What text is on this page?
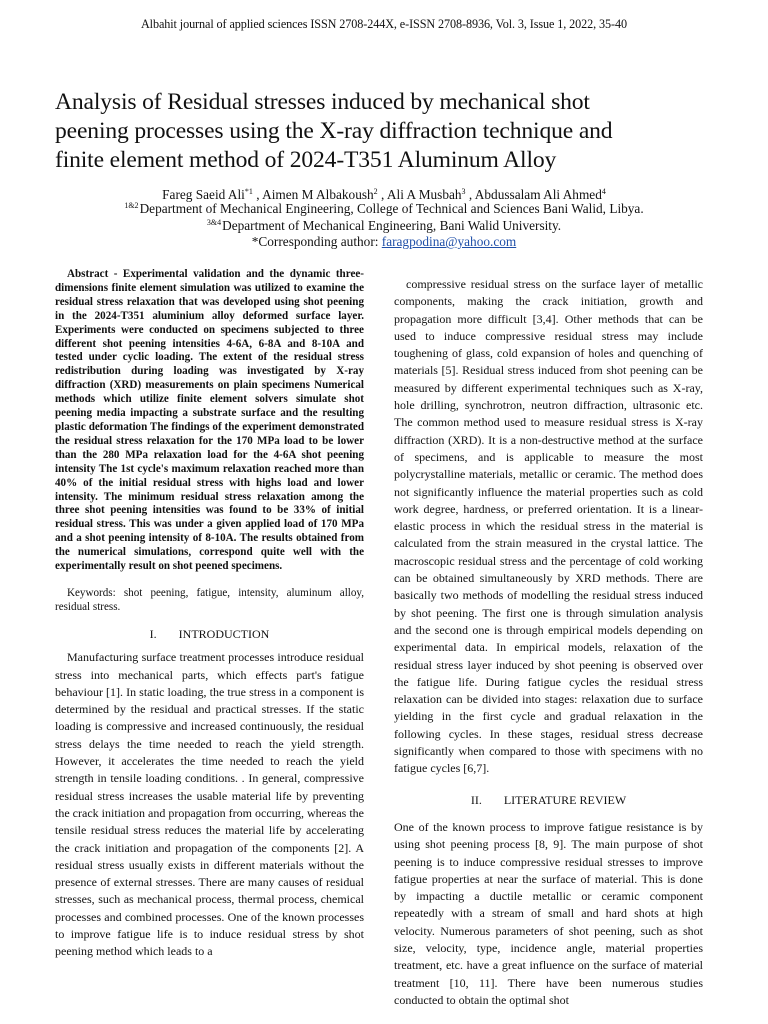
Albahit journal of applied sciences ISSN 2708-244X, e-ISSN 2708-8936, Vol. 3, Issue 1, 2022, 35-40
Analysis of Residual stresses induced by mechanical shot
peening processes using the X-ray diffraction technique and
finite element method of 2024-T351 Aluminum Alloy
Fareg Saeid Ali$^{*1}$ , Aimen M Albakoush$^2$ , Ali A Musbah$^3$ , Abdussalam Ali Ahmed$^4$
$^{1\&2}$Department of Mechanical Engineering, College of Technical and Sciences Bani Walid, Libya.
$^{3\&4}$Department of Mechanical Engineering, Bani Walid University.
*Corresponding author: faragpodina@yahoo.com

Abstract - Experimental validation and the dynamic three-dimensions finite element simulation was utilized to examine the residual stress relaxation that was developed using shot peening in the 2024-T351 aluminium alloy deformed surface layer. Experiments were conducted on specimens subjected to three different shot peening intensities 4-6A, 6-8A and 8-10A and tested under cyclic loading. The extent of the residual stress redistribution during loading was investigated by X-ray diffraction (XRD) measurements on plain specimens Numerical methods which utilize finite element solvers simulate shot peening media impacting a substrate surface and the resulting plastic deformation The findings of the experiment demonstrated the residual stress relaxation for the 170 MPa load to be lower than the 280 MPa relaxation load for the 4-6A shot peening intensity The 1st cycle's maximum relaxation reached more than 40% of the initial residual stress with highs load and lower intensity. The minimum residual stress relaxation among the three shot peening intensities was found to be 33% of initial residual stress. This was under a given applied load of 170 MPa and a shot peening intensity of 8-10A. The results obtained from the numerical simulations, correspond quite well with the experimentally result on shot peened specimens.

Keywords: shot peening, fatigue, intensity, aluminum alloy, residual stress.

I. INTRODUCTION

Manufacturing surface treatment processes introduce residual stress into mechanical parts, which effects part's fatigue behaviour [1]. In static loading, the true stress in a component is determined by the residual and practical stresses. If the static loading is compressive and increased continuously, the residual stress delays the time needed to reach the yield strength. However, it accelerates the time needed to reach the yield strength in tensile loading conditions. . In general, compressive residual stress increases the usable material life by preventing the crack initiation and propagation from occurring, whereas the tensile residual stress reduces the material life by accelerating the crack initiation and propagation of the components [2]. A residual stress usually exists in different materials without the presence of external stresses. There are many causes of residual stresses, such as mechanical process, thermal process, chemical processes and combined processes. One of the known processes to improve fatigue life is to induce residual stress by shot peening method which leads to a

compressive residual stress on the surface layer of metallic components, making the crack initiation, growth and propagation more difficult [3,4]. Other methods that can be used to induce compressive residual stress may include toughening of glass, cold expansion of holes and quenching of materials [5]. Residual stress induced from shot peening can be measured by different experimental techniques such as X-ray, hole drilling, synchrotron, neutron diffraction, ultrasonic etc. The common method used to measure residual stress is X-ray diffraction (XRD). It is a non-destructive method at the surface of specimens, and is applicable to measure the most polycrystalline materials, metallic or ceramic. The method does not significantly influence the material properties such as cold work degree, hardness, or preferred orientation. It is a linear-elastic process in which the residual stress in the material is calculated from the strain measured in the crystal lattice. The macroscopic residual stress and the percentage of cold working can be obtained simultaneously by XRD methods. There are basically two methods of modelling the residual stress induced by shot peening. The first one is through simulation analysis and the second one is through empirical models depending on experimental data. In empirical models, relaxation of the residual stress layer induced by shot peening is observed over the fatigue life. During fatigue cycles the residual stress relaxation can be divided into stages: relaxation due to surface yielding in the first cycle and gradual relaxation in the following cycles. In these stages, residual stress decrease significantly when compared to those with specimens with no fatigue cycles [6,7].

II. LITERATURE REVIEW

One of the known process to improve fatigue resistance is by using shot peening process [8, 9]. The main purpose of shot peening is to induce compressive residual stresses to improve fatigue properties at near the surface of material. This is done by impacting a ductile metallic or ceramic component repeatedly with a stream of small and hard shots at high velocity. Numerous parameters of shot peening, such as shot size, velocity, type, incidence angle, material properties treatment, etc. have a great influence on the surface of material treatment [10, 11]. There have been numerous studies conducted to obtain the optimal shot
